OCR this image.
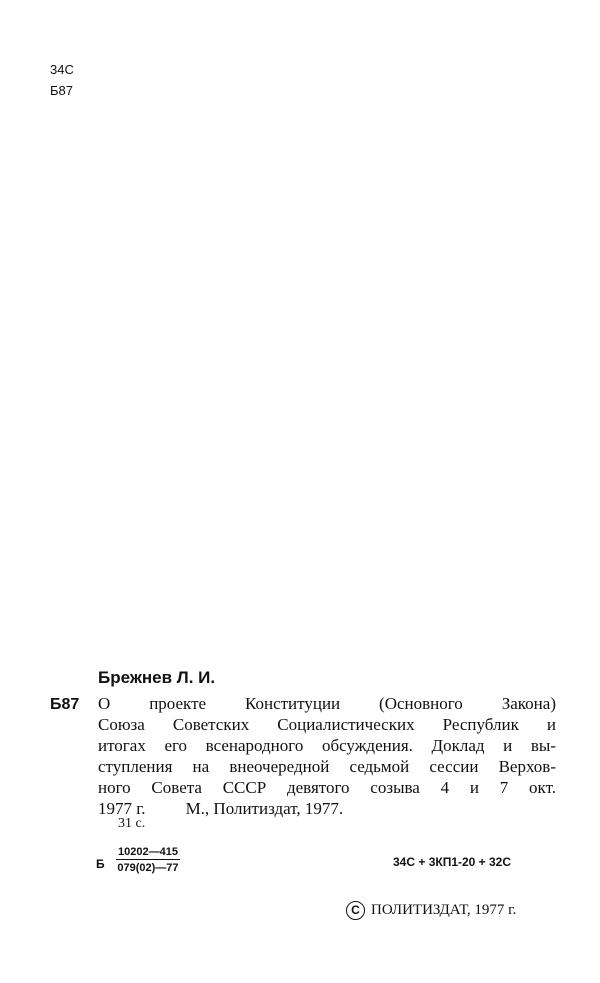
34С
Б87
Брежнев Л. И.
Б87 О проекте Конституции (Основного Закона)
Союза Советских Социалистических Республик и
итогах его всенародного обсуждения. Доклад и вы-
ступления на внеочередной седьмой сессии Верхов-
ного Совета СССР девятого созыва 4 и 7 окт.
1977 г. М., Политиздат, 1977.
31 с.
Б $\frac{10202—415}{079(02)—77}$	34С + 3КП1-20 + 32С
C ПОЛИТИЗДАТ, 1977 г.
